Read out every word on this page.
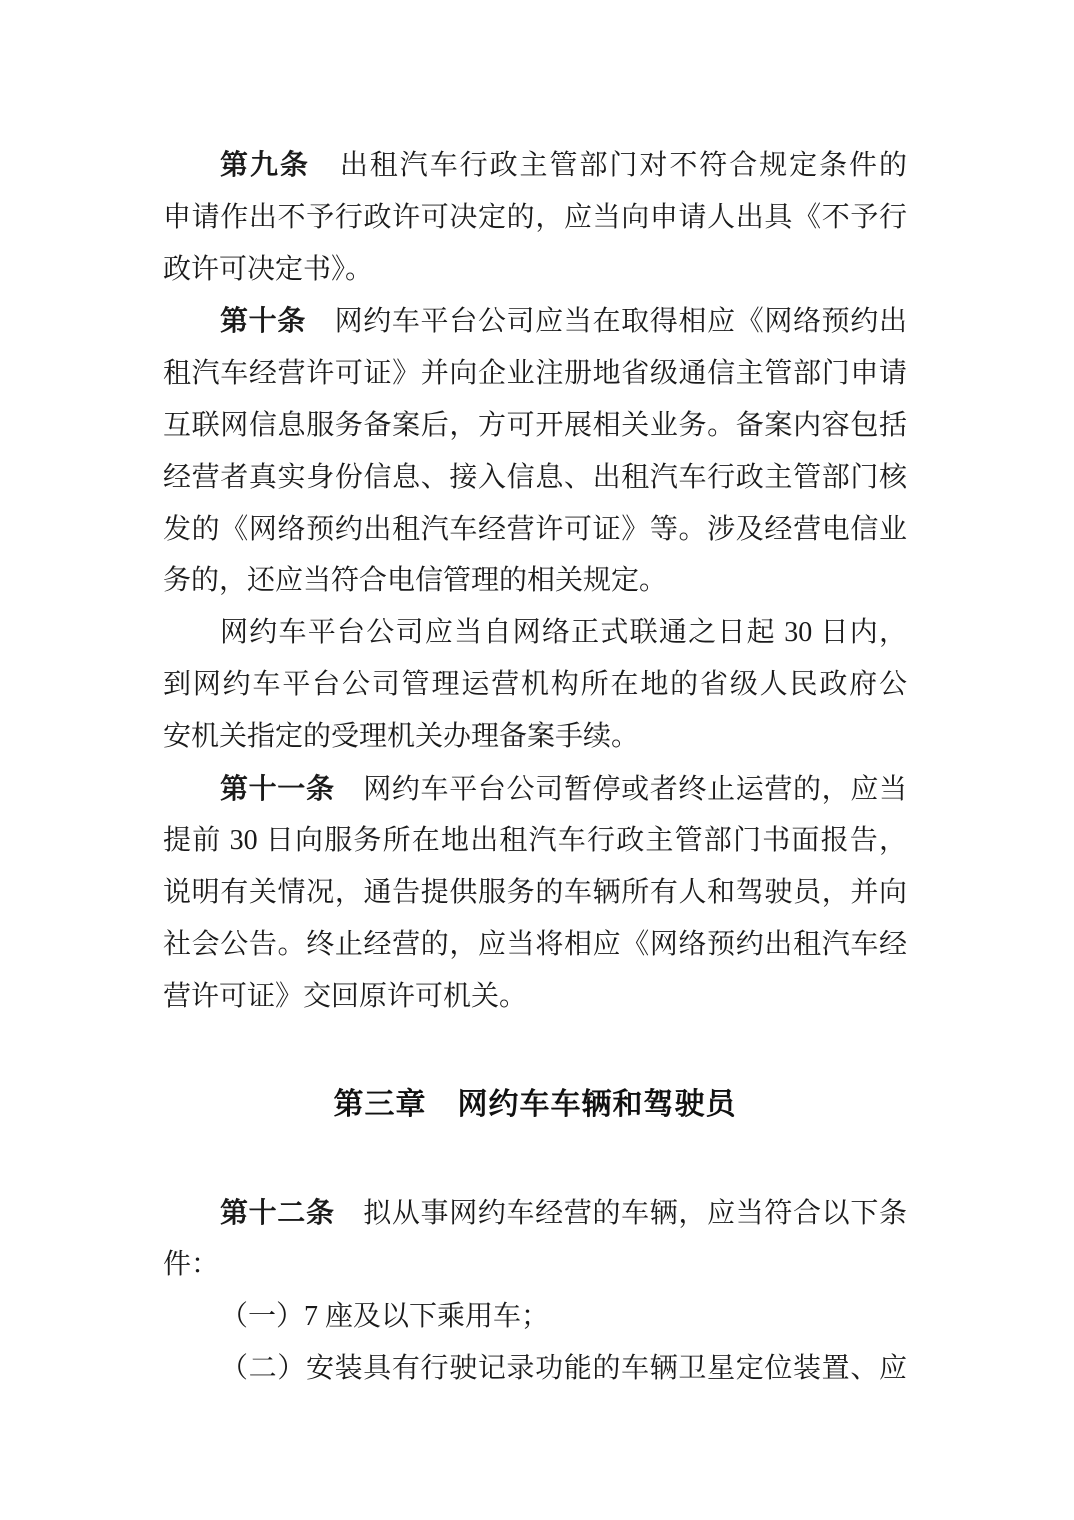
第九条　出租汽车行政主管部门对不符合规定条件的
申请作出不予行政许可决定的，应当向申请人出具《不予行
政许可决定书》。
第十条　网约车平台公司应当在取得相应《网络预约出
租汽车经营许可证》并向企业注册地省级通信主管部门申请
互联网信息服务备案后，方可开展相关业务。备案内容包括
经营者真实身份信息、接入信息、出租汽车行政主管部门核
发的《网络预约出租汽车经营许可证》等。涉及经营电信业
务的，还应当符合电信管理的相关规定。
网约车平台公司应当自网络正式联通之日起 30 日内，
到网约车平台公司管理运营机构所在地的省级人民政府公
安机关指定的受理机关办理备案手续。
第十一条　网约车平台公司暂停或者终止运营的，应当
提前 30 日向服务所在地出租汽车行政主管部门书面报告，
说明有关情况，通告提供服务的车辆所有人和驾驶员，并向
社会公告。终止经营的，应当将相应《网络预约出租汽车经
营许可证》交回原许可机关。
第三章　网约车车辆和驾驶员
第十二条　拟从事网约车经营的车辆，应当符合以下条
件：
（一）7 座及以下乘用车；
（二）安装具有行驶记录功能的车辆卫星定位装置、应
